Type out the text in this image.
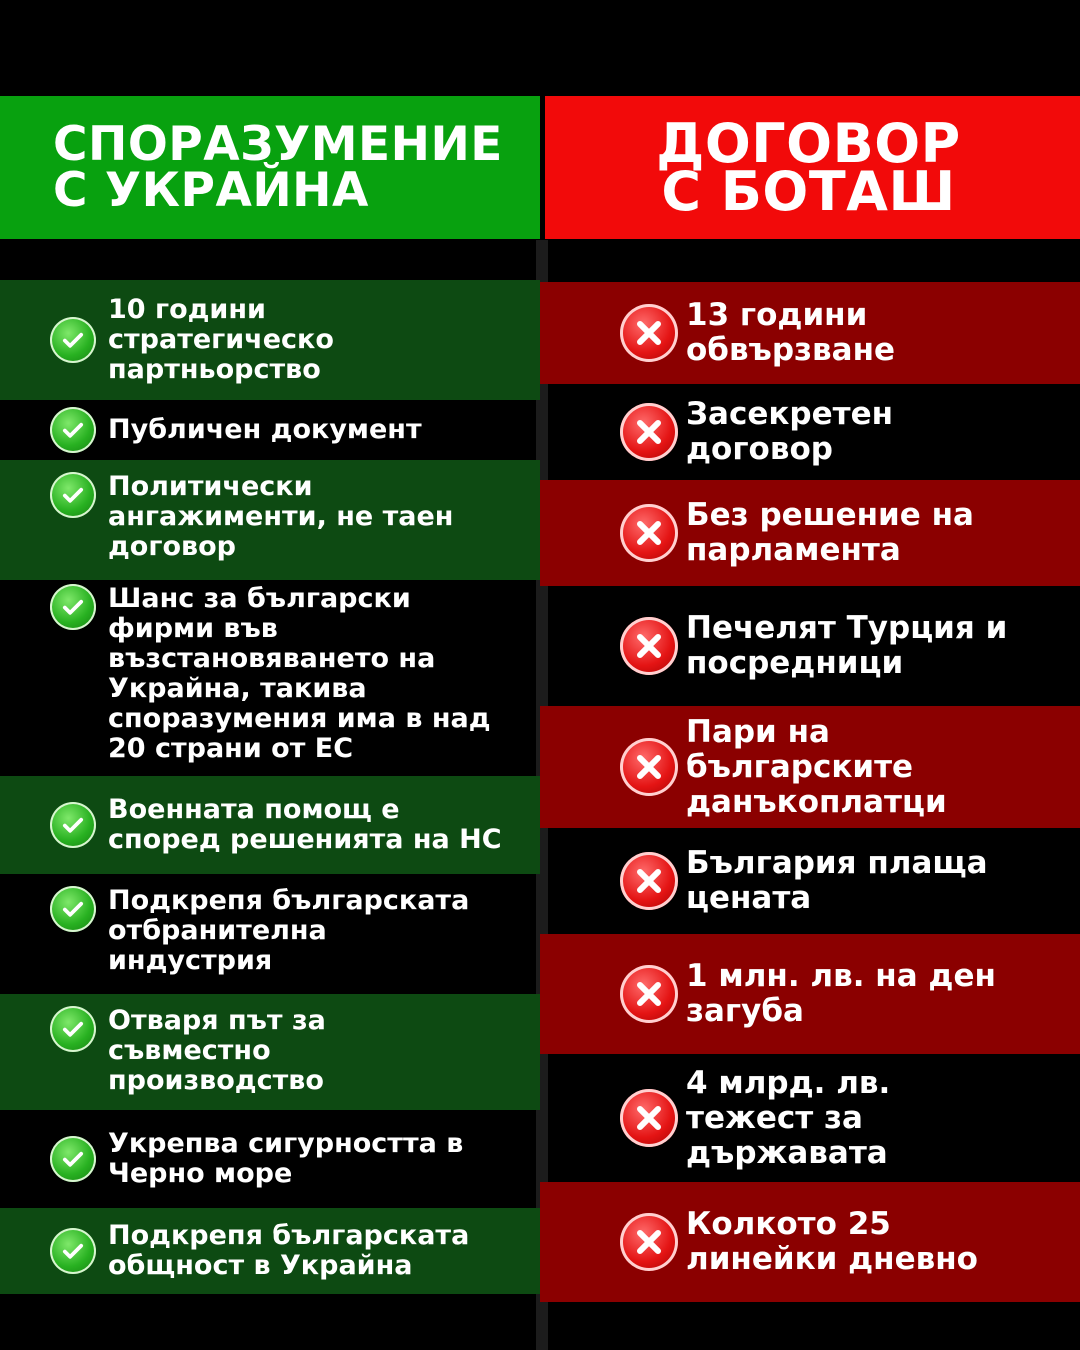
СПОРАЗУМЕНИЕ
С УКРАЙНА
ДОГОВОР
С БОТАШ
10 години
стратегическо
партньорство
Публичен документ
Политически
ангажименти, не таен
договор
Шанс за български
фирми във
възстановяването на
Украйна, такива
споразумения има в над
20 страни от ЕС
Военната помощ е
според решенията на НС
Подкрепя българската
отбранителна
индустрия
Отваря път за
съвместно
производство
Укрепва сигурността в
Черно море
Подкрепя българската
общност в Украйна
13 години
обвързване
Засекретен
договор
Без решение на
парламента
Печелят Турция и
посредници
Пари на
българските
данъкоплатци
България плаща
цената
1 млн. лв. на ден
загуба
4 млрд. лв.
тежест за
държавата
Колкото 25
линейки дневно
